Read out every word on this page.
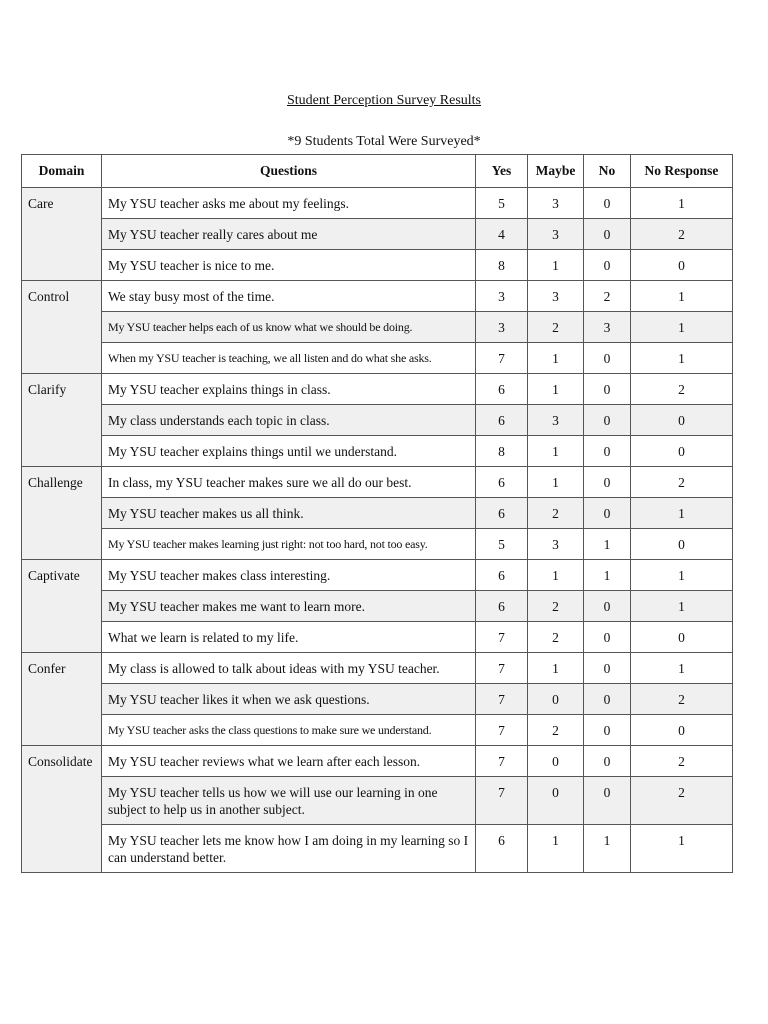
Student Perception Survey Results
*9 Students Total Were Surveyed*
Domain	Questions	Yes	Maybe	No	No Response
Care	My YSU teacher asks me about my feelings.	5	3	0	1
	My YSU teacher really cares about me	4	3	0	2
	My YSU teacher is nice to me.	8	1	0	0
Control	We stay busy most of the time.	3	3	2	1
	My YSU teacher helps each of us know what we should be doing.	3	2	3	1
	When my YSU teacher is teaching, we all listen and do what she asks.	7	1	0	1
Clarify	My YSU teacher explains things in class.	6	1	0	2
	My class understands each topic in class.	6	3	0	0
	My YSU teacher explains things until we understand.	8	1	0	0
Challenge	In class, my YSU teacher makes sure we all do our best.	6	1	0	2
	My YSU teacher makes us all think.	6	2	0	1
	My YSU teacher makes learning just right: not too hard, not too easy.	5	3	1	0
Captivate	My YSU teacher makes class interesting.	6	1	1	1
	My YSU teacher makes me want to learn more.	6	2	0	1
	What we learn is related to my life.	7	2	0	0
Confer	My class is allowed to talk about ideas with my YSU teacher.	7	1	0	1
	My YSU teacher likes it when we ask questions.	7	0	0	2
	My YSU teacher asks the class questions to make sure we understand.	7	2	0	0
Consolidate	My YSU teacher reviews what we learn after each lesson.	7	0	0	2
	My YSU teacher tells us how we will use our learning in one subject to help us in another subject.	7	0	0	2
	My YSU teacher lets me know how I am doing in my learning so I can understand better.	6	1	1	1
